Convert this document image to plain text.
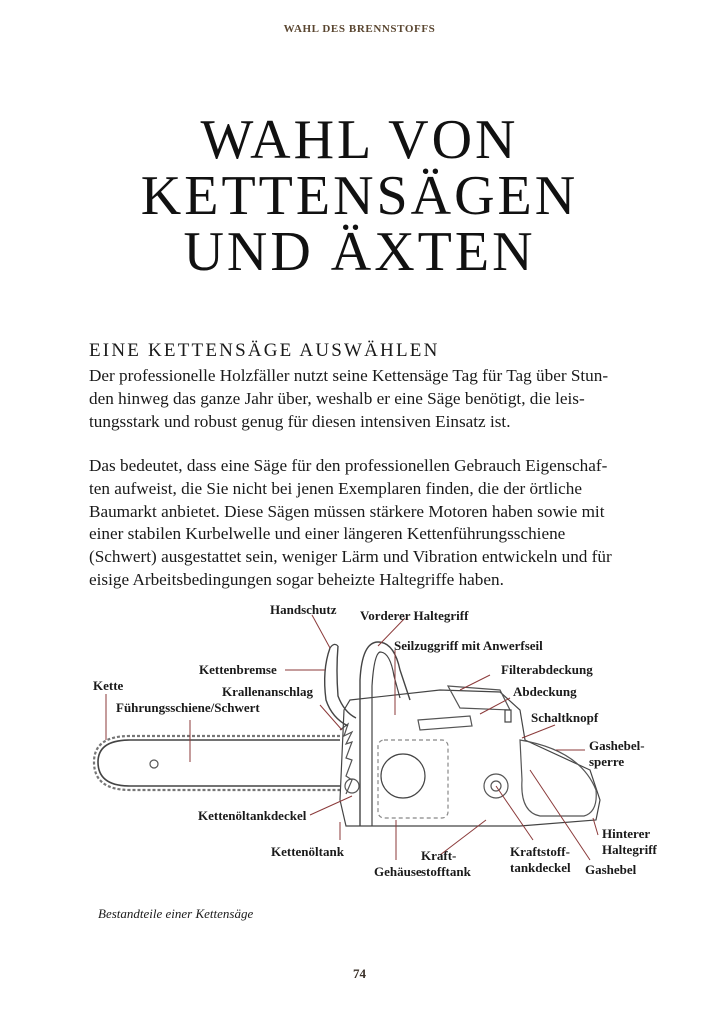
WAHL DES BRENNSTOFFS
WAHL VON
KETTENSÄGEN
UND ÄXTEN
EINE KETTENSÄGE AUSWÄHLEN
Der professionelle Holzfäller nutzt seine Kettensäge Tag für Tag über Stun-
den hinweg das ganze Jahr über, weshalb er eine Säge benötigt, die leis-
tungsstark und robust genug für diesen intensiven Einsatz ist.
Das bedeutet, dass eine Säge für den professionellen Gebrauch Eigenschaf-
ten aufweist, die Sie nicht bei jenen Exemplaren finden, die der örtliche
Baumarkt anbietet. Diese Sägen müssen stärkere Motoren haben sowie mit
einer stabilen Kurbelwelle und einer längeren Kettenführungsschiene
(Schwert) ausgestattet sein, weniger Lärm und Vibration entwickeln und für
eisige Arbeitsbedingungen sogar beheizte Haltegriffe haben.
Handschutz Vorderer Haltegriff
Seilzuggriff mit Anwerfseil
Kettenbremse	Filterabdeckung
Kette	Krallenanschlag	Abdeckung
Führungsschiene/Schwert
Schaltknopf
Gashebel-
sperre
Kettenöltankdeckel
Hinterer
Haltegriff
Kettenöltank	Kraft-
stofftank
Kraftstoff-
tankdeckel Gashebel
Gehäuse
Bestandteile einer Kettensäge
74
